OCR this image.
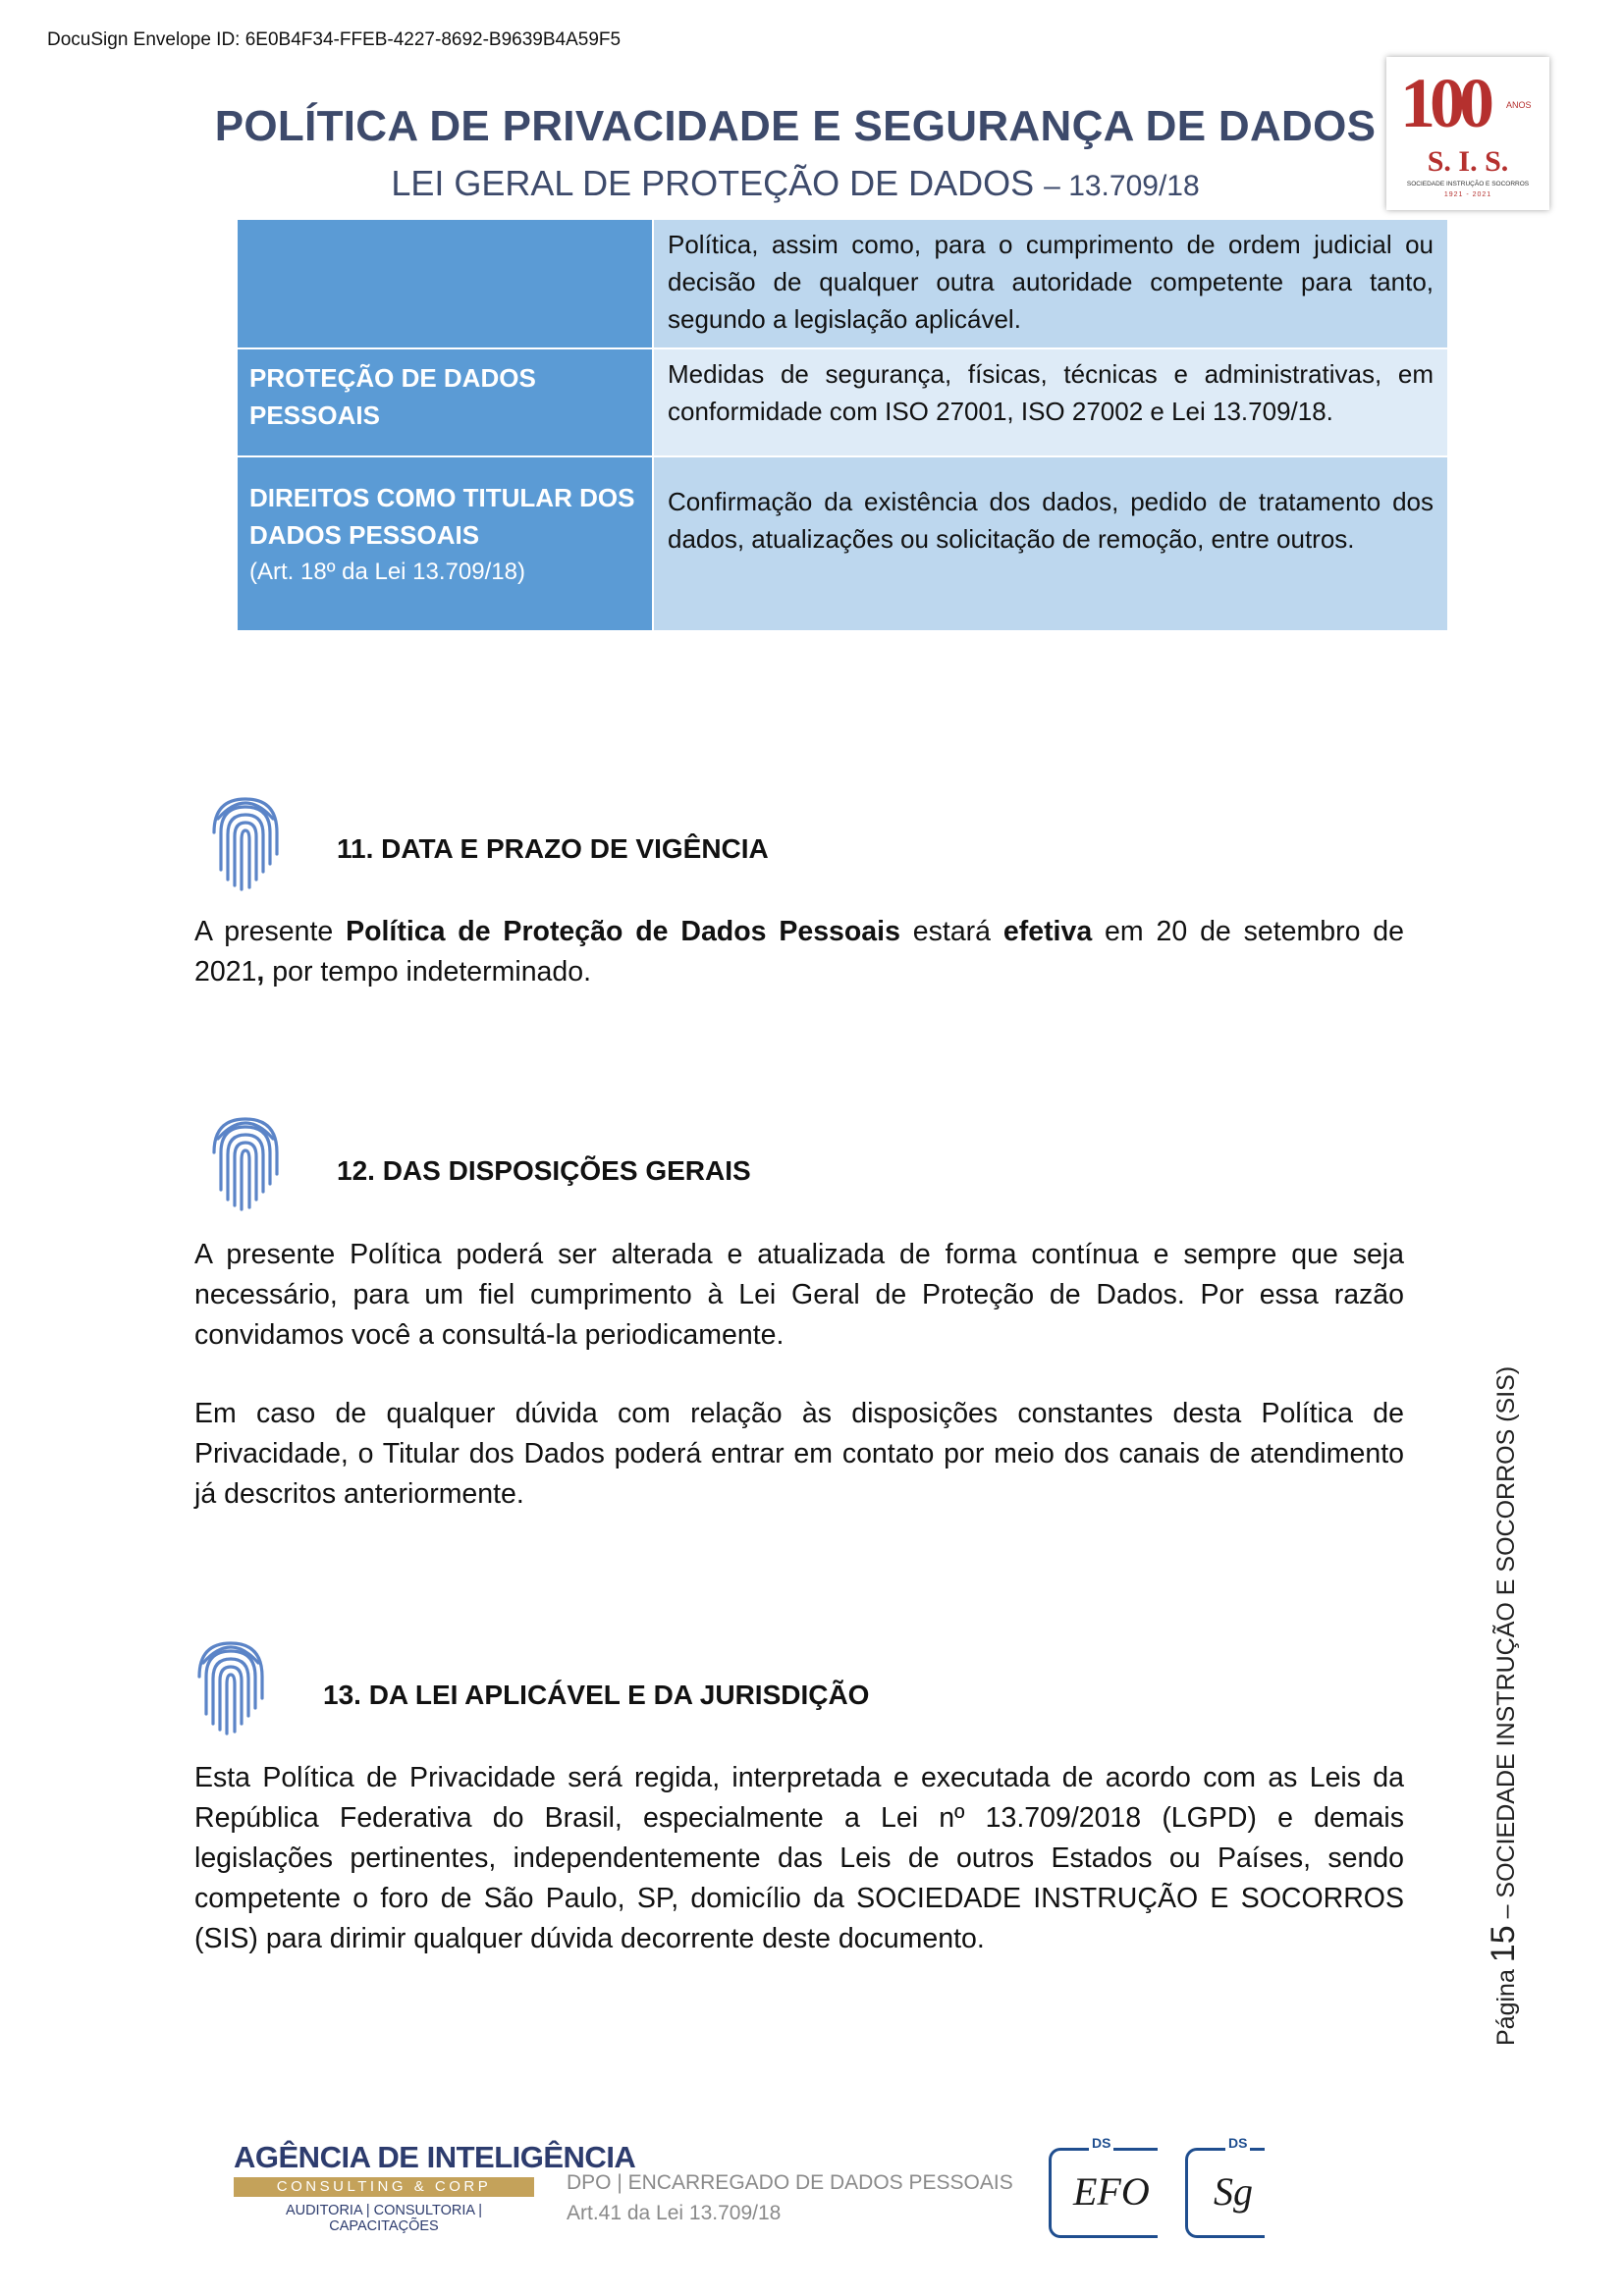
DocuSign Envelope ID: 6E0B4F34-FFEB-4227-8692-B9639B4A59F5
POLÍTICA DE PRIVACIDADE E SEGURANÇA DE DADOS
LEI GERAL DE PROTEÇÃO DE DADOS – 13.709/18
100 ANOS
S. I. S.
SOCIEDADE INSTRUÇÃO E SOCORROS
1921 - 2021
	Política, assim como, para o cumprimento de ordem judicial ou decisão de qualquer outra autoridade competente para tanto, segundo a legislação aplicável.
PROTEÇÃO DE DADOS PESSOAIS	Medidas de segurança, físicas, técnicas e administrativas, em conformidade com ISO 27001, ISO 27002 e Lei 13.709/18.

DIREITOS COMO TITULAR DOS DADOS PESSOAIS
(Art. 18º da Lei 13.709/18)	Confirmação da existência dos dados, pedido de tratamento dos dados, atualizações ou solicitação de remoção, entre outros.
11. DATA E PRAZO DE VIGÊNCIA
A presente Política de Proteção de Dados Pessoais estará efetiva em 20 de setembro de 2021, por tempo indeterminado.
12. DAS DISPOSIÇÕES GERAIS
A presente Política poderá ser alterada e atualizada de forma contínua e sempre que seja necessário, para um fiel cumprimento à Lei Geral de Proteção de Dados. Por essa razão convidamos você a consultá-la periodicamente.
Em caso de qualquer dúvida com relação às disposições constantes desta Política de Privacidade, o Titular dos Dados poderá entrar em contato por meio dos canais de atendimento já descritos anteriormente.
13. DA LEI APLICÁVEL E DA JURISDIÇÃO
Esta Política de Privacidade será regida, interpretada e executada de acordo com as Leis da República Federativa do Brasil, especialmente a Lei nº 13.709/2018 (LGPD) e demais legislações pertinentes, independentemente das Leis de outros Estados ou Países, sendo competente o foro de São Paulo, SP, domicílio da SOCIEDADE INSTRUÇÃO E SOCORROS (SIS) para dirimir qualquer dúvida decorrente deste documento.
Página 15 – SOCIEDADE INSTRUÇÃO E SOCORROS (SIS)
AGÊNCIA DE INTELIGÊNCIA
CONSULTING & CORP
AUDITORIA | CONSULTORIA | CAPACITAÇÕES
DPO | ENCARREGADO DE DADOS PESSOAIS
Art.41 da Lei 13.709/18
DS
EFO
DS
Sg
